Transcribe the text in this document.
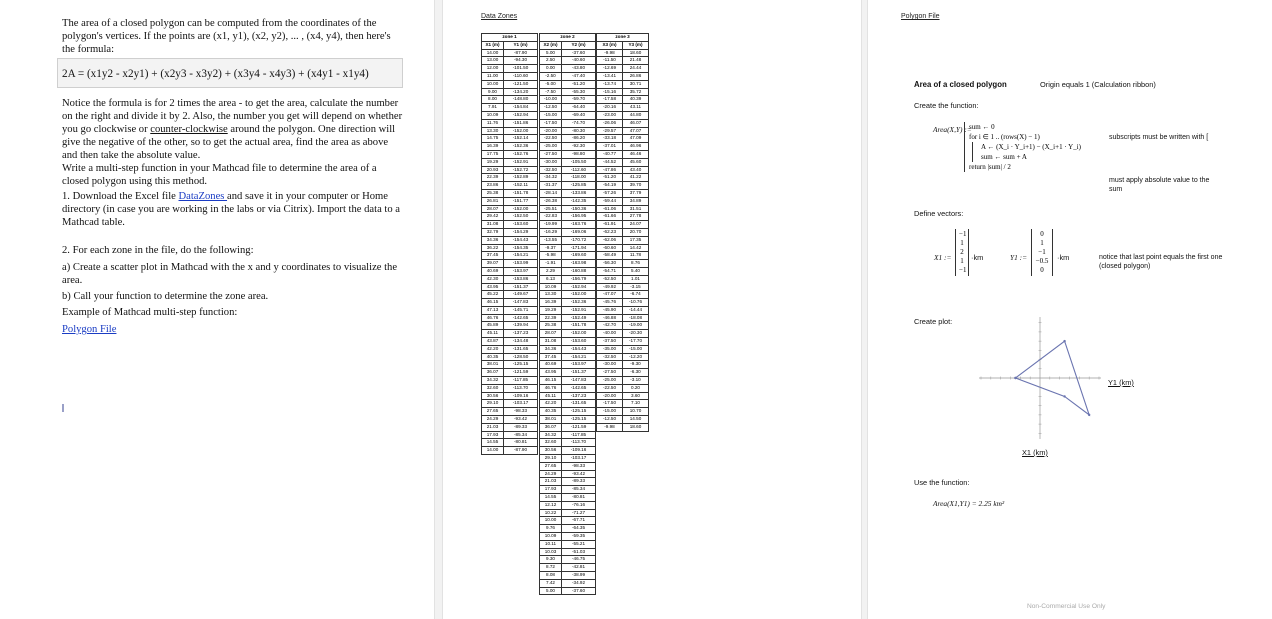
The area of a closed polygon can be computed from the coordinates of the polygon's vertices. If the points are (x1, y1), (x2, y2), ... , (x4, y4), then here's the formula:

2A = (x1y2 - x2y1) + (x2y3 - x3y2) + (x3y4 - x4y3) + (x4y1 - x1y4)

Notice the formula is for 2 times the area - to get the area, calculate the number on the right and divide it by 2. Also, the number you get will depend on whether you go clockwise or counter-clockwise around the polygon. One direction will give the negative of the other, so to get the actual area, find the area as above and then take the absolute value.

Write a multi-step function in your Mathcad file to determine the area of a closed polygon using this method.

1. Download the Excel file DataZones and save it in your computer or Home directory (in case you are working in the labs or via Citrix). Import the data to a Mathcad table.

2. For each zone in the file, do the following:

a) Create a scatter plot in Mathcad with the x and y coordinates to visualize the area.

b) Call your function to determine the zone area.

Example of Mathcad multi-step function:

Polygon File
Data Zones
zone 1	
X1 (m)	Y1 (m)
14.00	-87.90
13.00	-94.30
12.00	-101.50
11.00	-110.60
10.00	-121.50
9.00	-134.20
8.00	-148.80
7.91	-154.84
10.09	-152.94
11.76	-151.86
13.30	-152.00
14.75	-152.14
16.39	-152.36
17.75	-152.76
19.29	-152.91
20.93	-152.72
22.39	-152.89
23.86	-152.11
25.38	-151.78
26.81	-151.77
28.07	-152.00
29.42	-152.50
31.08	-153.60
32.79	-154.29
34.36	-154.43
36.22	-154.35
37.45	-154.21
39.07	-153.99
40.69	-153.97
42.30	-153.86
43.95	-151.37
45.22	-149.67
46.15	-147.83
47.13	-145.71
46.76	-142.65
45.89	-139.94
45.11	-137.23
43.87	-134.48
42.20	-131.65
40.35	-128.50
38.01	-125.15
36.07	-121.59
34.32	-117.85
32.60	-113.70
30.56	-109.16
29.10	-103.17
27.65	-98.33
24.29	-93.42
21.03	-89.33
17.93	-85.34
14.55	-80.81
14.00	-87.90
zone 2	
X2 (m)	Y2 (m)
5.00	-37.60
2.50	-40.60
0.00	-43.80
-2.50	-47.40
-5.00	-51.20
-7.50	-55.30
-10.00	-59.70
-12.50	-64.40
-15.00	-69.40
-17.50	-74.70
-20.00	-80.30
-22.50	-86.20
-25.00	-92.30
-27.50	-98.80
-30.00	-105.50
-32.50	-112.60
-34.32	-118.00
-31.37	-125.85
-28.14	-133.86
-26.38	-142.35
-25.51	-150.36
-22.83	-156.95
-19.99	-163.76
-16.29	-169.06
-13.55	-170.72
-9.37	-171.94
-5.98	-169.60
-1.91	-163.98
2.29	-160.88
6.13	-156.79
10.09	-152.94
13.30	-152.00
16.39	-152.36
19.29	-152.91
22.39	-152.49
25.38	-151.78
28.07	-152.00
31.08	-153.60
34.36	-154.43
37.45	-154.21
40.69	-153.97
43.95	-151.37
46.15	-147.83
46.76	-142.65
45.11	-137.23
42.20	-131.65
40.35	-125.15
38.01	-125.15
36.07	-121.59
34.32	-117.85
32.60	-113.70
30.56	-109.16
29.10	-103.17
27.65	-98.33
24.29	-93.42
21.03	-89.33
17.93	-85.34
14.55	-80.81
12.12	-76.16
10.22	-71.27
10.00	-67.71
9.76	-64.35
10.09	-59.35
10.11	-55.21
10.03	-51.03
9.30	-46.75
8.72	-42.81
8.08	-38.99
7.42	-34.92
5.00	-37.60
zone 3	
X3 (m)	Y3 (m)
-9.98	18.60
-11.50	21.48
-12.69	24.44
-13.41	26.86
-13.74	30.71
-15.16	35.72
-17.58	40.39
-20.16	43.11
-23.00	44.80
-26.06	46.07
-29.57	47.07
-33.18	47.09
-37.01	46.96
-40.77	46.46
-44.52	45.60
-47.86	43.40
-51.20	41.22
-54.19	39.70
-57.26	37.79
-59.44	34.89
-61.06	31.51
-61.66	27.78
-61.91	24.07
-62.23	20.70
-62.06	17.35
-60.60	14.42
-58.49	11.78
-56.30	8.76
-54.71	5.40
-52.50	1.01
-49.92	-3.15
-47.07	-6.74
-45.76	-10.76
-45.90	-14.44
-46.88	-18.08
-42.70	-19.00
-40.00	-20.30
-37.50	-17.70
-35.00	-15.00
-32.50	-12.20
-30.00	-9.30
-27.50	-6.30
-25.00	-3.10
-22.50	0.20
-20.00	3.60
-17.50	7.10
-15.00	10.70
-12.50	14.50
-9.98	18.60
Polygon File
Area of a closed polygon	Origin equals 1 (Calculation ribbon)
Create the function:
Area(X,Y) :=
sum ← 0
for i ∈ 1 .. (rows(X) − 1)
A ← (X_i · Y_i+1) − (X_i+1 · Y_i)
sum ← sum + A
return |sum| / 2
subscripts must be written with [
must apply absolute value to the sum
Define vectors:
X1 :=
−1
1
2
1
−1
·km	Y1 :=
0
1
−1
−0.5
0
·km	notice that last point equals the first one (closed polygon)
Create plot:
Y1 (km)
X1 (km)
Use the function:
Area(X1,Y1) = 2.25 km²
Non-Commercial Use Only
